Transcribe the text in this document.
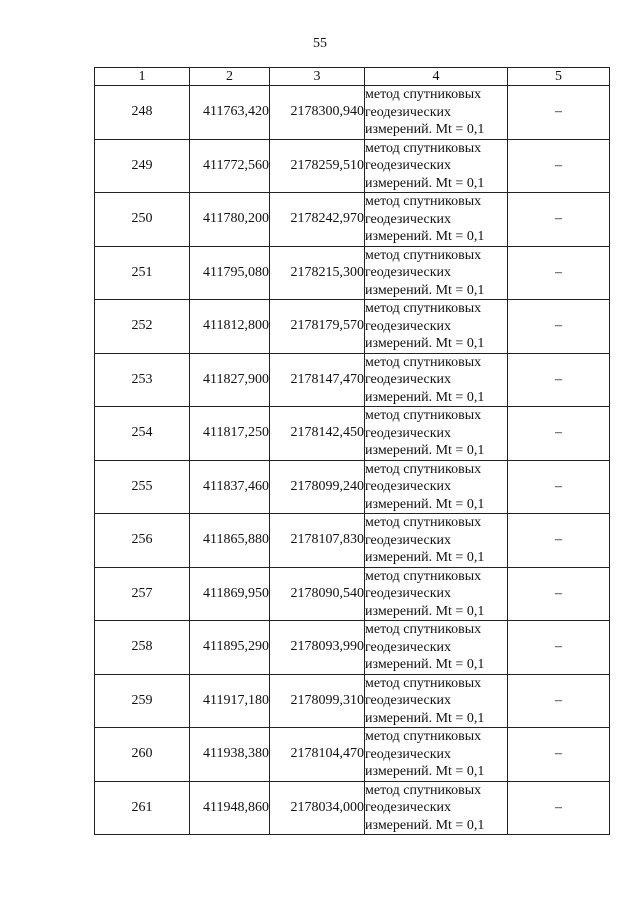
55
1	2	3	4	5
248	411763,420	2178300,940	метод спутниковых
геодезических
измерений. Mt = 0,1	–
249	411772,560	2178259,510	метод спутниковых
геодезических
измерений. Mt = 0,1	–
250	411780,200	2178242,970	метод спутниковых
геодезических
измерений. Mt = 0,1	–
251	411795,080	2178215,300	метод спутниковых
геодезических
измерений. Mt = 0,1	–
252	411812,800	2178179,570	метод спутниковых
геодезических
измерений. Mt = 0,1	–
253	411827,900	2178147,470	метод спутниковых
геодезических
измерений. Mt = 0,1	–
254	411817,250	2178142,450	метод спутниковых
геодезических
измерений. Mt = 0,1	–
255	411837,460	2178099,240	метод спутниковых
геодезических
измерений. Mt = 0,1	–
256	411865,880	2178107,830	метод спутниковых
геодезических
измерений. Mt = 0,1	–
257	411869,950	2178090,540	метод спутниковых
геодезических
измерений. Mt = 0,1	–
258	411895,290	2178093,990	метод спутниковых
геодезических
измерений. Mt = 0,1	–
259	411917,180	2178099,310	метод спутниковых
геодезических
измерений. Mt = 0,1	–
260	411938,380	2178104,470	метод спутниковых
геодезических
измерений. Mt = 0,1	–
261	411948,860	2178034,000	метод спутниковых
геодезических
измерений. Mt = 0,1	–
